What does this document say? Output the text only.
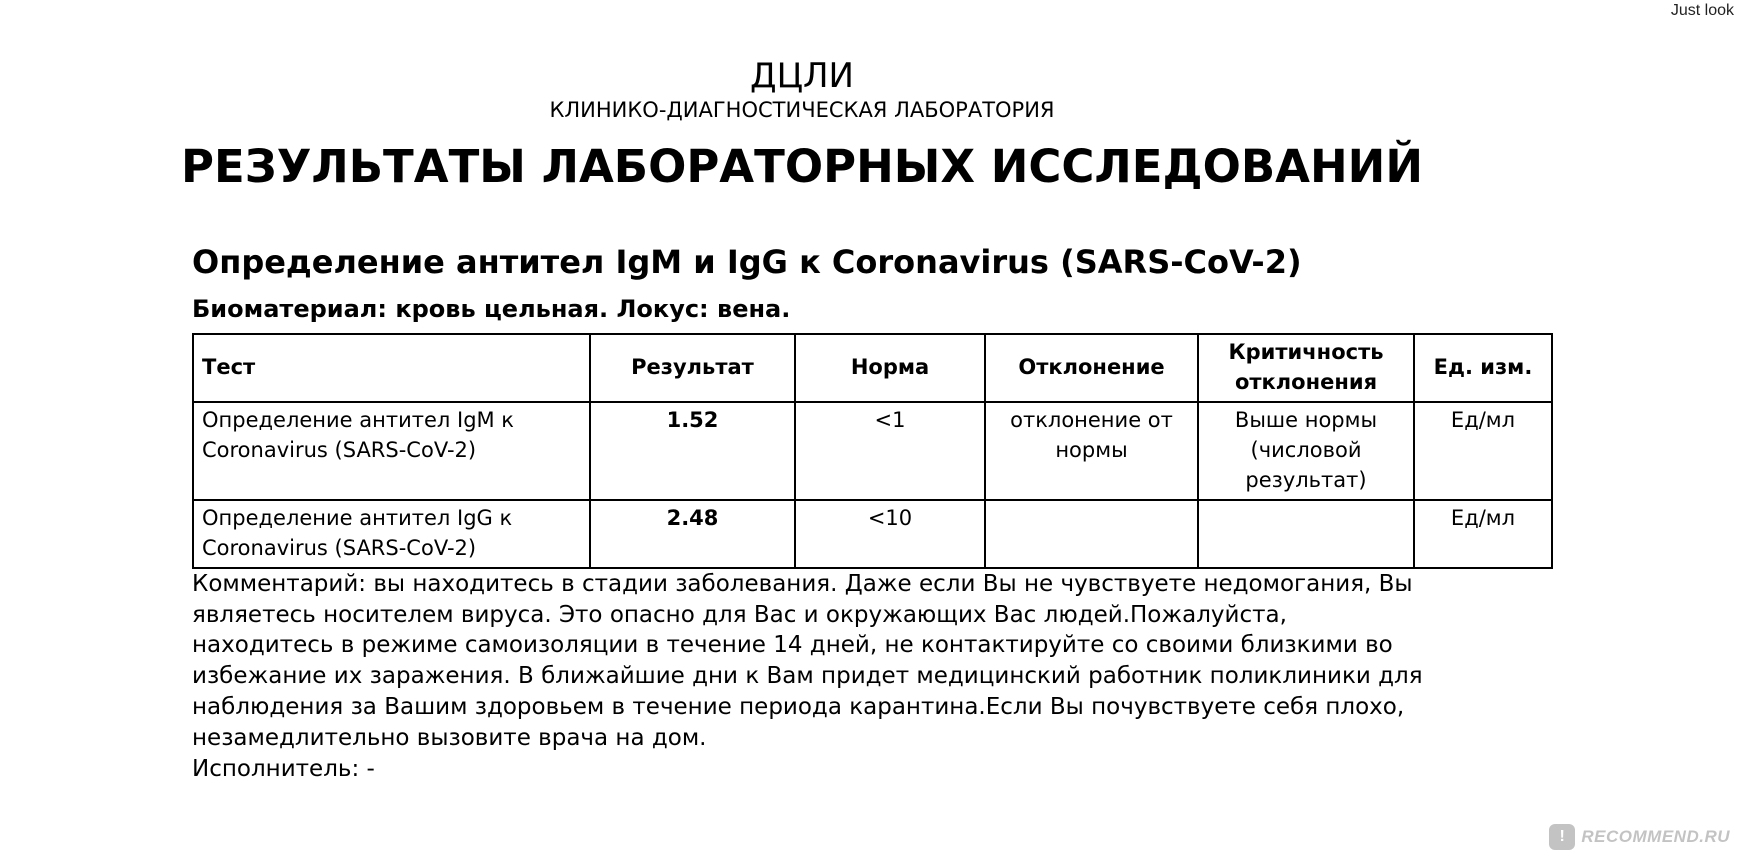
Just look
ДЦЛИ
КЛИНИКО-ДИАГНОСТИЧЕСКАЯ ЛАБОРАТОРИЯ
РЕЗУЛЬТАТЫ ЛАБОРАТОРНЫХ ИССЛЕДОВАНИЙ
Определение антител IgM и IgG к Coronavirus (SARS-CoV-2)
Биоматериал: кровь цельная. Локус: вена.
Тест	Результат	Норма	Отклонение	Критичность отклонения	Ед. изм.
Определение антител IgM к Coronavirus (SARS-CoV-2)	1.52	<1	отклонение от нормы	Выше нормы (числовой результат)	Ед/мл
Определение антител IgG к Coronavirus (SARS-CoV-2)	2.48	<10			Ед/мл
Комментарий: вы находитесь в стадии заболевания. Даже если Вы не чувствуете недомогания, Вы являетесь носителем вируса. Это опасно для Вас и окружающих Вас людей.Пожалуйста, находитесь в режиме самоизоляции в течение 14 дней, не контактируйте со своими близкими во избежание их заражения. В ближайшие дни к Вам придет медицинский работник поликлиники для наблюдения за Вашим здоровьем в течение периода карантина.Если Вы почувствуете себя плохо, незамедлительно вызовите врача на дом.
Исполнитель: -
! RECOMMEND.RU
